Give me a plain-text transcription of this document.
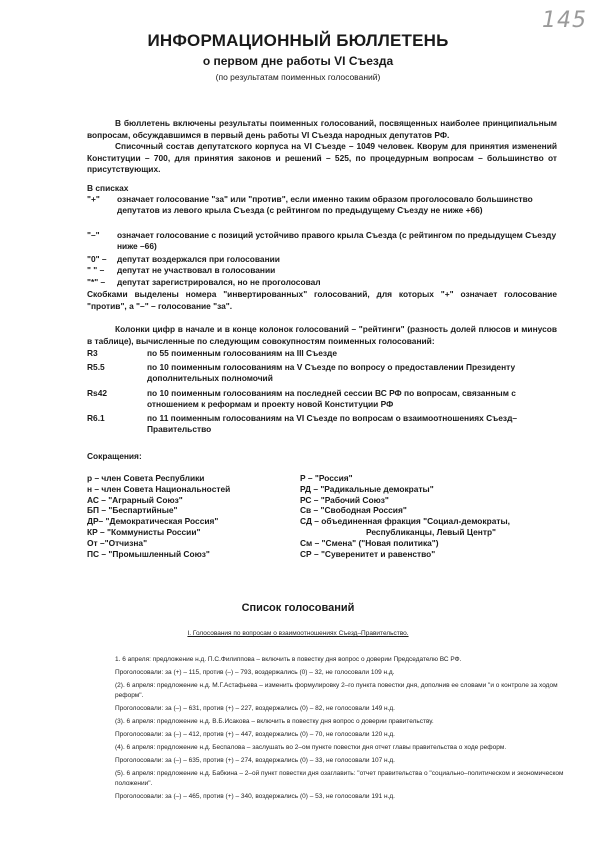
145
ИНФОРМАЦИОННЫЙ БЮЛЛЕТЕНЬ
о первом дне работы VI Съезда
(по результатам поименных голосований)
В бюллетень включены результаты поименных голосований, посвященных наиболее принципиальным вопросам, обсуждавшимся в первый день работы VI Съезда народных депутатов РФ.
Списочный состав депутатского корпуса на VI Съезде – 1049 человек. Кворум для принятия изменений Конституции – 700, для принятия законов и решений – 525, по процедурным вопросам – большинство от присутствующих.
В списках
"+"	означает голосование "за" или "против", если именно таким образом проголосовало большинство депутатов из левого крыла Съезда (с рейтингом по предыдущему Съезду не ниже +66)
"–"	означает голосование с позиций устойчиво правого крыла Съезда (с рейтингом по предыдущем Съезду ниже –66)
"0" –	депутат воздержался при голосовании
" " –	депутат не участвовал в голосовании
"*" –	депутат зарегистрировался, но не проголосовал
Скобками выделены номера "инвертированных" голосований, для которых "+" означает голосование "против", а "–" – голосование "за".
Колонки цифр в начале и в конце колонок голосований – "рейтинги" (разность долей плюсов и минусов в таблице), вычисленные по следующим совокупностям поименных голосований:
R3	по 55 поименным голосованиям на III Съезде
R5.5	по 10 поименным голосованиям на V Съезде по вопросу о предоставлении Президенту дополнительных полномочий
Rs42	по 10 поименным голосованиям на последней сессии ВС РФ по вопросам, связанным с отношением к реформам и проекту новой Конституции РФ
R6.1	по 11 поименным голосованиям на VI Съезде по вопросам о взаимоотношениях Съезд–Правительство
Сокращения:
р – член Совета Республики
н – член Совета Национальностей
АС – "Аграрный Союз"
БП – "Беспартийные"
ДР– "Демократическая Россия"
КР – "Коммунисты России"
От –"Отчизна"
ПС – "Промышленный Союз"
Р – "Россия"
РД – "Радикальные демократы"
РС – "Рабочий Союз"
Св – "Свободная Россия"
СД – объединенная фракция "Социал-демократы,
Республиканцы, Левый Центр"
См – "Смена" ("Новая политика")
СР – "Суверенитет и равенство"
Список голосований
I. Голосования по вопросам о взаимоотношениях Съезд–Правительство.
1. 6 апреля: предложение н.д. П.С.Филиппова – включить в повестку дня вопрос о доверии Председателю ВС РФ.
Проголосовали: за (+) – 115, против (–) – 793, воздержались (0) – 32, не голосовали 109 н.д.
(2). 6 апреля: предложение н.д. М.Г.Астафьева – изменить формулировку 2–го пункта повестки дня, дополнив ее словами "и о контроле за ходом реформ".
Проголосовали: за (–) – 631, против (+) – 227, воздержались (0) – 82, не голосовали 149 н.д.
(3). 6 апреля: предложение н.д. В.Б.Исакова – включить в повестку дня вопрос о доверии правительству.
Проголосовали: за (–) – 412, против (+) – 447, воздержались (0) – 70, не голосовали 120 н.д.
(4). 6 апреля: предложение н.д. Беспалова – заслушать во 2–ом пункте повестки дня отчет главы правительства о ходе реформ.
Проголосовали: за (–) – 635, против (+) – 274, воздержались (0) – 33, не голосовали 107 н.д.
(5). 6 апреля: предложение н.д. Бабкина – 2–ой пункт повестки дня озаглавить: "отчет правительства о "социально–политическом и экономическом положении".
Проголосовали: за (–) – 465, против (+) – 340, воздержались (0) – 53, не голосовали 191 н.д.
